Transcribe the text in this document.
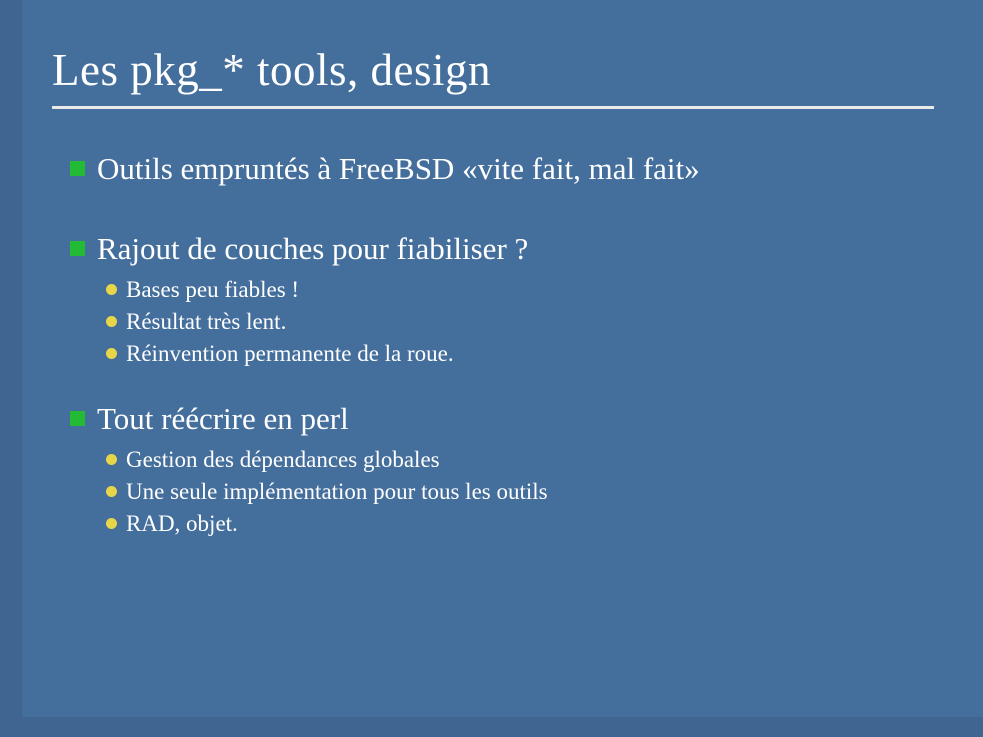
Les pkg_* tools, design
Outils empruntés à FreeBSD «vite fait, mal fait»
Rajout de couches pour fiabiliser ?
Bases peu fiables !
Résultat très lent.
Réinvention permanente de la roue.
Tout réécrire en perl
Gestion des dépendances globales
Une seule implémentation pour tous les outils
RAD, objet.
